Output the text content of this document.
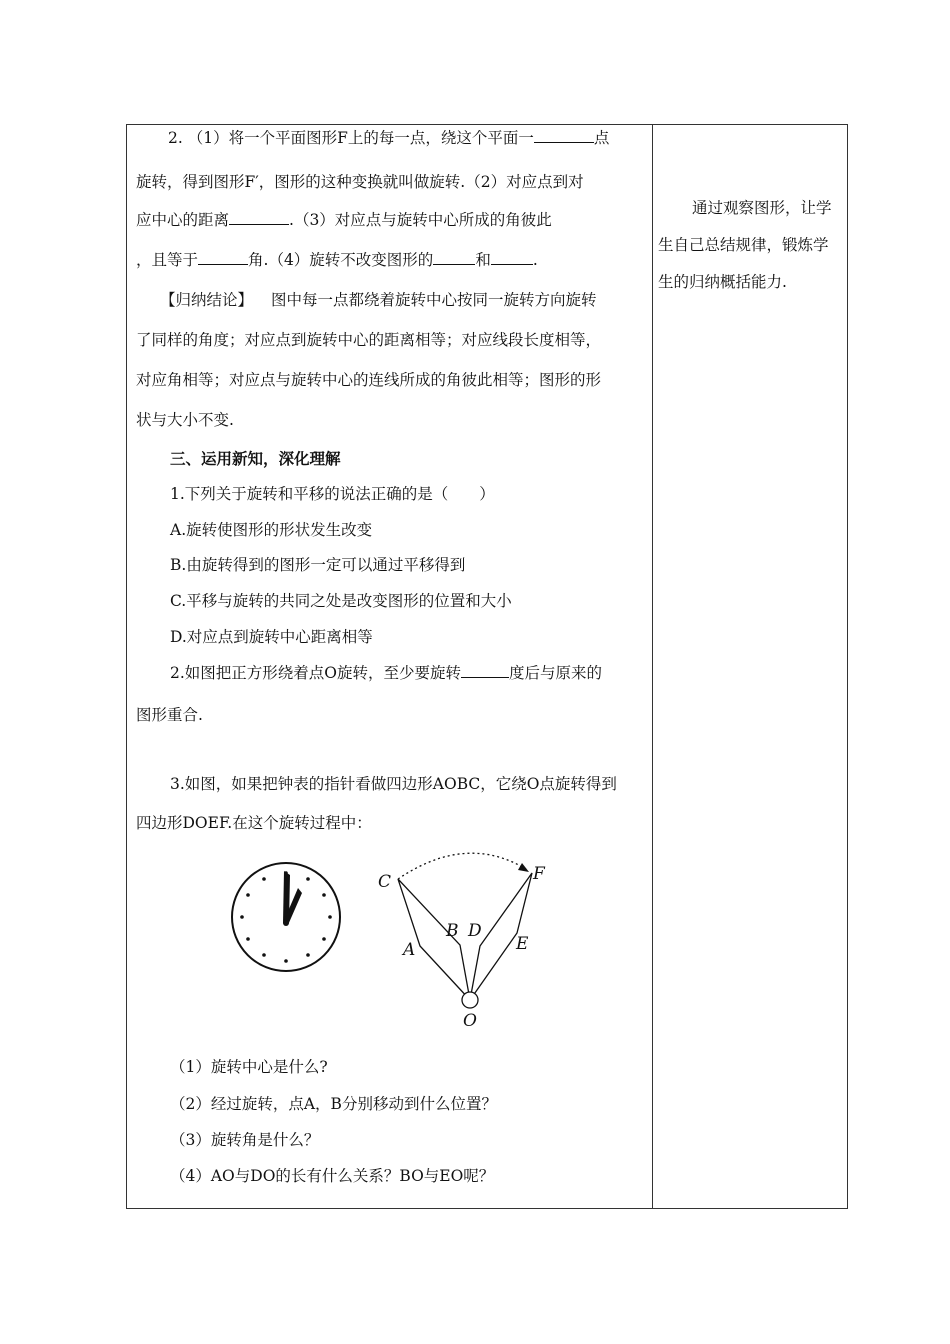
2. （1）将一个平面图形F上的每一点，绕这个平面一	点
旋转，得到图形F′，图形的这种变换就叫做旋转.（2）对应点到对
应中心的距离	.（3）对应点与旋转中心所成的角彼此
，且等于	角.（4）旋转不改变图形的	和	.
【归纳结论】 图中每一点都绕着旋转中心按同一旋转方向旋转
了同样的角度；对应点到旋转中心的距离相等；对应线段长度相等，
对应角相等；对应点与旋转中心的连线所成的角彼此相等；图形的形
状与大小不变.
三、运用新知，深化理解
1.下列关于旋转和平移的说法正确的是（　　）
A.旋转使图形的形状发生改变
B.由旋转得到的图形一定可以通过平移得到
C.平移与旋转的共同之处是改变图形的位置和大小
D.对应点到旋转中心距离相等
2.如图把正方形绕着点O旋转，至少要旋转	度后与原来的
图形重合.
3.如图，如果把钟表的指针看做四边形AOBC，它绕O点旋转得到
四边形DOEF.在这个旋转过程中：
C	F
B D
A	E
O
（1）旋转中心是什么?
（2）经过旋转，点A，B分别移动到什么位置？
（3）旋转角是什么？
（4）AO与DO的长有什么关系？BO与EO呢？
通过观察图形，让学生自己总结规律，锻炼学生的归纳概括能力.
